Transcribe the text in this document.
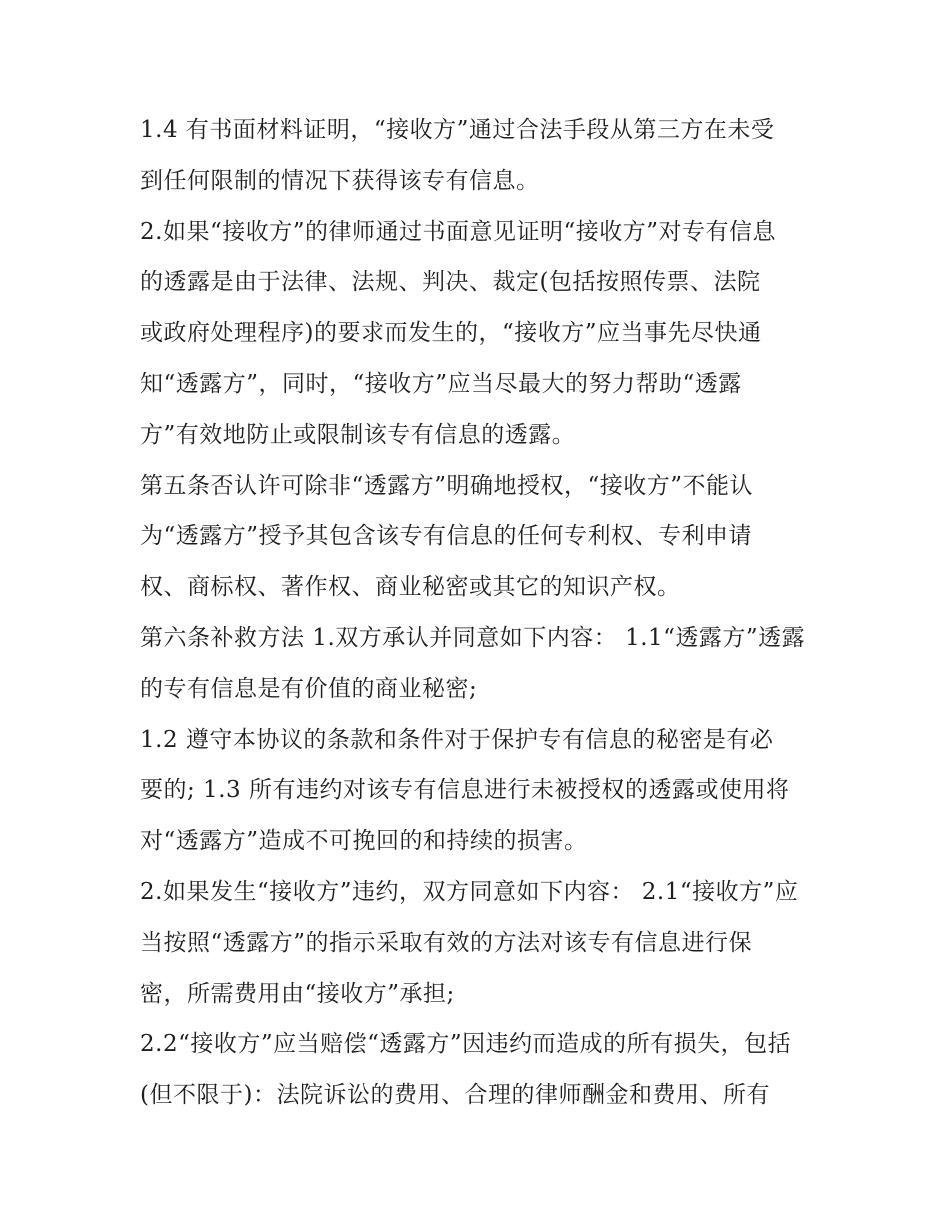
1.4 有书面材料证明，“接收方”通过合法手段从第三方在未受
到任何限制的情况下获得该专有信息。
2.如果“接收方”的律师通过书面意见证明“接收方”对专有信息
的透露是由于法律、法规、判决、裁定(包括按照传票、法院
或政府处理程序)的要求而发生的，“接收方”应当事先尽快通
知“透露方”，同时，“接收方”应当尽最大的努力帮助“透露
方”有效地防止或限制该专有信息的透露。
第五条否认许可除非“透露方”明确地授权，“接收方”不能认
为“透露方”授予其包含该专有信息的任何专利权、专利申请
权、商标权、著作权、商业秘密或其它的知识产权。
第六条补救方法 1.双方承认并同意如下内容： 1.1“透露方”透露
的专有信息是有价值的商业秘密;
1.2 遵守本协议的条款和条件对于保护专有信息的秘密是有必
要的; 1.3 所有违约对该专有信息进行未被授权的透露或使用将
对“透露方”造成不可挽回的和持续的损害。
2.如果发生“接收方”违约，双方同意如下内容： 2.1“接收方”应
当按照“透露方”的指示采取有效的方法对该专有信息进行保
密，所需费用由“接收方”承担;
2.2“接收方”应当赔偿“透露方”因违约而造成的所有损失，包括
(但不限于)：法院诉讼的费用、合理的律师酬金和费用、所有
